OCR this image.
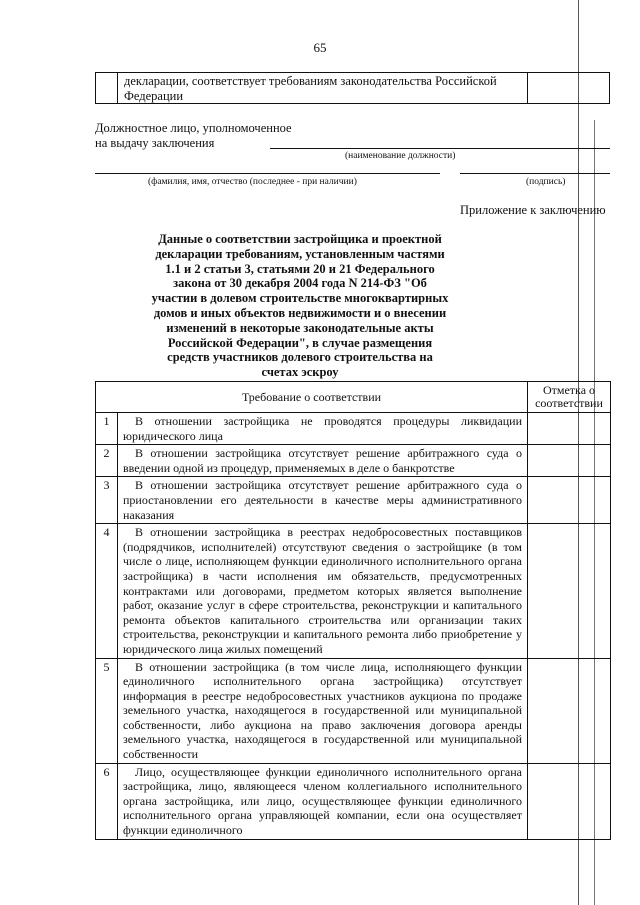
65
декларации, соответствует требованиям законодательства Российской Федерации
Должностное лицо, уполномоченное
на выдачу заключения
(наименование должности)
(фамилия, имя, отчество (последнее - при наличии)	(подпись)
Приложение к заключению
Данные о соответствии застройщика и проектной декларации требованиям, установленным частями 1.1 и 2 статьи 3, статьями 20 и 21 Федерального закона от 30 декабря 2004 года N 214-ФЗ "Об участии в долевом строительстве многоквартирных домов и иных объектов недвижимости и о внесении изменений в некоторые законодательные акты Российской Федерации", в случае размещения средств участников долевого строительства на счетах эскроу
Требование о соответствии		Отметка о соответствии
1	В отношении застройщика не проводятся процедуры ликвидации юридического лица	

2	В отношении застройщика отсутствует решение арбитражного суда о введении одной из процедур, применяемых в деле о банкротстве	

3	В отношении застройщика отсутствует решение арбитражного суда о приостановлении его деятельности в качестве меры административного наказания	

4	В отношении застройщика в реестрах недобросовестных поставщиков (подрядчиков, исполнителей) отсутствуют сведения о застройщике (в том числе о лице, исполняющем функции единоличного исполнительного органа застройщика) в части исполнения им обязательств, предусмотренных контрактами или договорами, предметом которых является выполнение работ, оказание услуг в сфере строительства, реконструкции и капитального ремонта объектов капитального строительства или организации таких строительства, реконструкции и капитального ремонта либо приобретение у юридического лица жилых помещений	

5	В отношении застройщика (в том числе лица, исполняющего функции единоличного исполнительного органа застройщика) отсутствует информация в реестре недобросовестных участников аукциона по продаже земельного участка, находящегося в государственной или муниципальной собственности, либо аукциона на право заключения договора аренды земельного участка, находящегося в государственной или муниципальной собственности	

6	Лицо, осуществляющее функции единоличного исполнительного органа застройщика, лицо, являющееся членом коллегиального исполнительного органа застройщика, или лицо, осуществляющее функции единоличного исполнительного органа управляющей компании, если она осуществляет функции единоличного	
